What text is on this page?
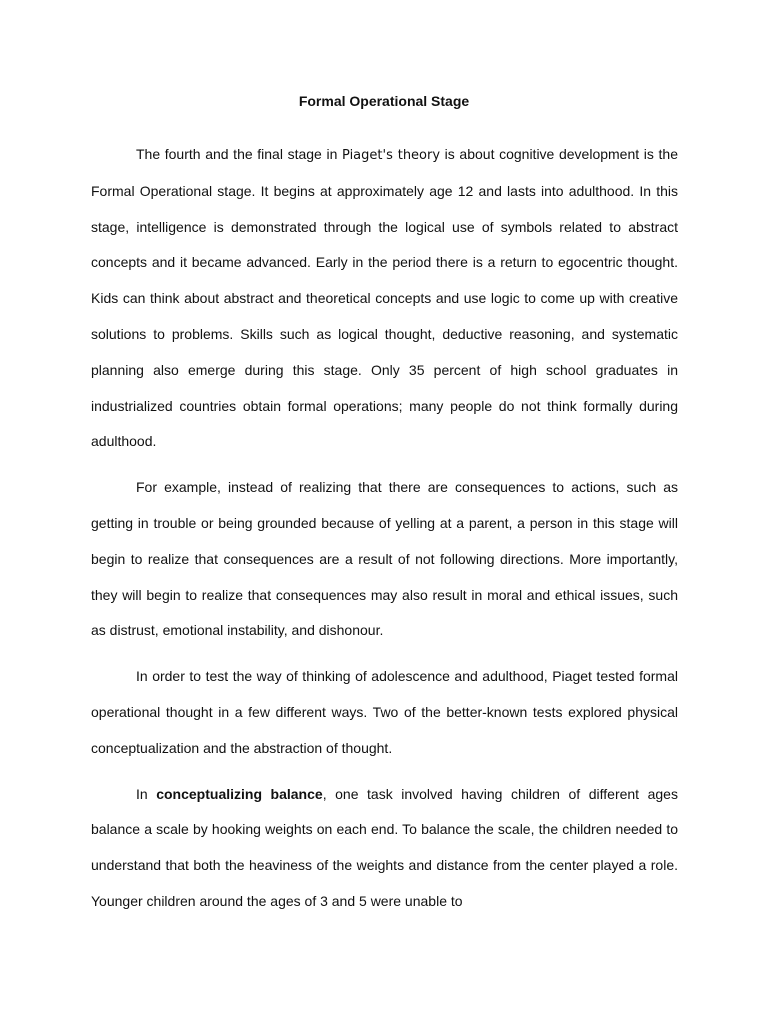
Formal Operational Stage

The fourth and the final stage in Piaget's theory is about cognitive development is the Formal Operational stage. It begins at approximately age 12 and lasts into adulthood. In this stage, intelligence is demonstrated through the logical use of symbols related to abstract concepts and it became advanced. Early in the period there is a return to egocentric thought. Kids can think about abstract and theoretical concepts and use logic to come up with creative solutions to problems. Skills such as logical thought, deductive reasoning, and systematic planning also emerge during this stage. Only 35 percent of high school graduates in industrialized countries obtain formal operations; many people do not think formally during adulthood.

For example, instead of realizing that there are consequences to actions, such as getting in trouble or being grounded because of yelling at a parent, a person in this stage will begin to realize that consequences are a result of not following directions. More importantly, they will begin to realize that consequences may also result in moral and ethical issues, such as distrust, emotional instability, and dishonour.

In order to test the way of thinking of adolescence and adulthood, Piaget tested formal operational thought in a few different ways. Two of the better-known tests explored physical conceptualization and the abstraction of thought.

In conceptualizing balance, one task involved having children of different ages balance a scale by hooking weights on each end. To balance the scale, the children needed to understand that both the heaviness of the weights and distance from the center played a role. Younger children around the ages of 3 and 5 were unable to
